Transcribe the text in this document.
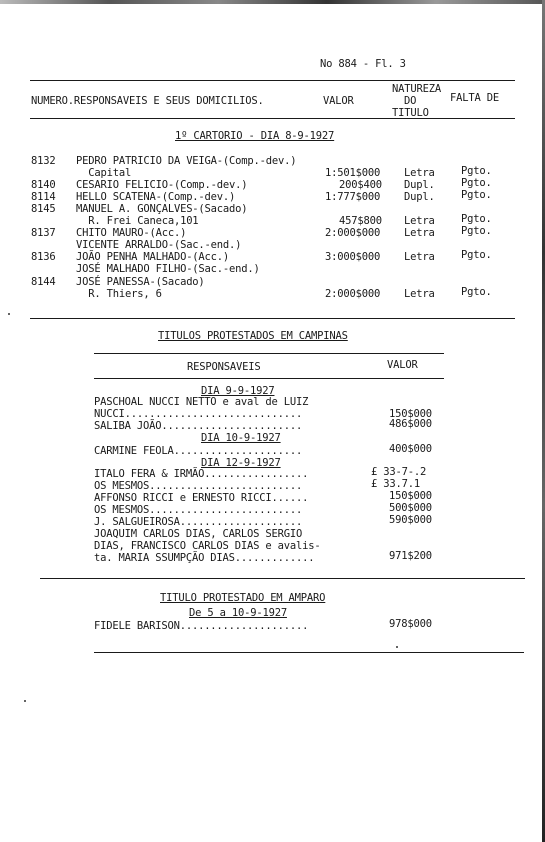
No 884 - Fl. 3
NUMERO.RESPONSAVEIS E SEUS DOMICILIOS.	VALOR
NATUREZA
DO
TITULO
FALTA DE
1º CARTORIO - DIA 8-9-1927
8132 PEDRO PATRICIO DA VEIGA-(Comp.-dev.)
Capital	1:501$000 Letra	Pgto.
8140 CESARIO FELICIO-(Comp.-dev.)	200$400 Dupl.	Pgto.
8114 HELLO SCATENA-(Comp.-dev.)	1:777$000 Dupl.	Pgto.
8145 MANUEL A. GONÇALVES-(Sacado)
R. Frei Caneca,101	457$800 Letra	Pgto.
8137 CHITO MAURO-(Acc.)	2:000$000 Letra	Pgto.
VICENTE ARRALDO-(Sac.-end.)
8136 JOÃO PENHA MALHADO-(Acc.)	3:000$000 Letra	Pgto.
JOSÉ MALHADO FILHO-(Sac.-end.)
8144 JOSÉ PANESSA-(Sacado)
R. Thiers, 6	2:000$000 Letra	Pgto.
TITULOS PROTESTADOS EM CAMPINAS
RESPONSAVEIS	VALOR
DIA 9-9-1927
PASCHOAL NUCCI NETTO e aval de LUIZ
NUCCI.............................	150$000
SALIBA JOÃO.......................	486$000
DIA 10-9-1927
CARMINE FEOLA.....................	400$000
DIA 12-9-1927
ITALO FERA & IRMÃO.................	£ 33-7-.2
OS MESMOS.........................	£ 33.7.1
AFFONSO RICCI e ERNESTO RICCI......	150$000
OS MESMOS.........................	500$000
J. SALGUEIROSA....................	590$000
JOAQUIM CARLOS DIAS, CARLOS SERGIO
DIAS, FRANCISCO CARLOS DIAS e avalis-
ta. MARIA SSUMPÇÃO DIAS.............	971$200
TITULO PROTESTADO EM AMPARO
De 5 a 10-9-1927
FIDELE BARISON.....................	978$000
